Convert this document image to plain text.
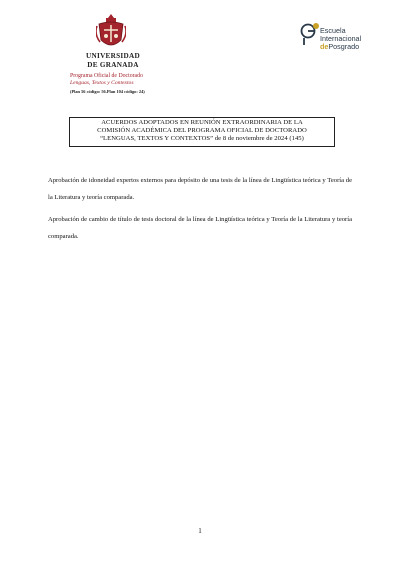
UNIVERSIDAD
DE GRANADA
Programa Oficial de Doctorado
Lenguas, Textos y Contextos
(Plan 56 código: 56.Plan 104 código: 24)
Escuela
Internacional
dePosgrado
ACUERDOS ADOPTADOS EN REUNIÓN EXTRAORDINARIA DE LA
COMISIÓN ACADÉMICA DEL PROGRAMA OFICIAL DE DOCTORADO
“LENGUAS, TEXTOS Y CONTEXTOS” de 8 de noviembre de 2024 (145)
Aprobación de idoneidad expertos externos para depósito de una tesis de la línea de Lingüística teórica y Teoría de la Literatura y teoría comparada.
Aprobación de cambio de título de tesis doctoral de la línea de Lingüística teórica y Teoría de la Literatura y teoría comparada.
1
